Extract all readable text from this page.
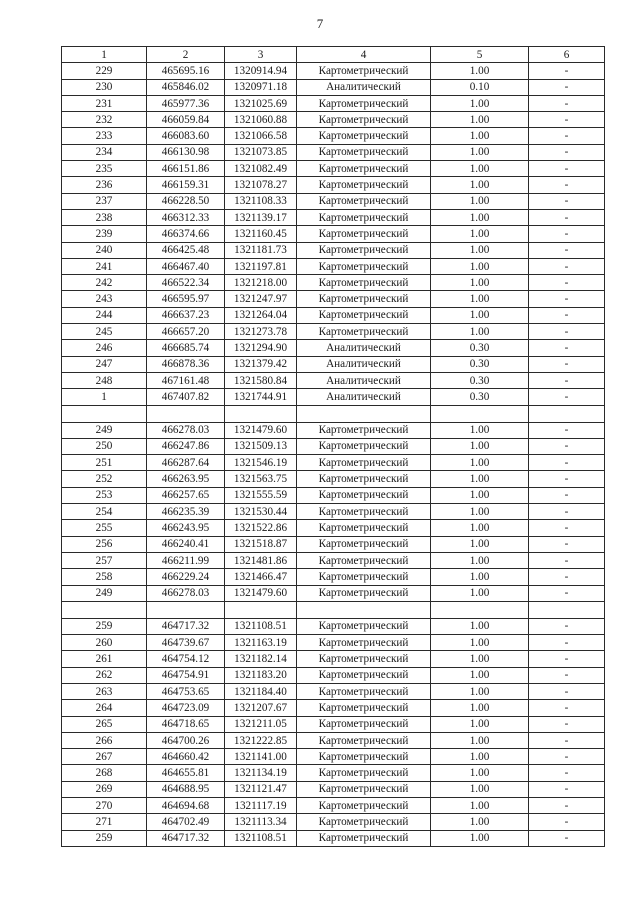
7
1	2	3	4	5	6
229	465695.16	1320914.94	Картометрический	1.00	-
230	465846.02	1320971.18	Аналитический	0.10	-
231	465977.36	1321025.69	Картометрический	1.00	-
232	466059.84	1321060.88	Картометрический	1.00	-
233	466083.60	1321066.58	Картометрический	1.00	-
234	466130.98	1321073.85	Картометрический	1.00	-
235	466151.86	1321082.49	Картометрический	1.00	-
236	466159.31	1321078.27	Картометрический	1.00	-
237	466228.50	1321108.33	Картометрический	1.00	-
238	466312.33	1321139.17	Картометрический	1.00	-
239	466374.66	1321160.45	Картометрический	1.00	-
240	466425.48	1321181.73	Картометрический	1.00	-
241	466467.40	1321197.81	Картометрический	1.00	-
242	466522.34	1321218.00	Картометрический	1.00	-
243	466595.97	1321247.97	Картометрический	1.00	-
244	466637.23	1321264.04	Картометрический	1.00	-
245	466657.20	1321273.78	Картометрический	1.00	-
246	466685.74	1321294.90	Аналитический	0.30	-
247	466878.36	1321379.42	Аналитический	0.30	-
248	467161.48	1321580.84	Аналитический	0.30	-
1	467407.82	1321744.91	Аналитический	0.30	-

249	466278.03	1321479.60	Картометрический	1.00	-
250	466247.86	1321509.13	Картометрический	1.00	-
251	466287.64	1321546.19	Картометрический	1.00	-
252	466263.95	1321563.75	Картометрический	1.00	-
253	466257.65	1321555.59	Картометрический	1.00	-
254	466235.39	1321530.44	Картометрический	1.00	-
255	466243.95	1321522.86	Картометрический	1.00	-
256	466240.41	1321518.87	Картометрический	1.00	-
257	466211.99	1321481.86	Картометрический	1.00	-
258	466229.24	1321466.47	Картометрический	1.00	-
249	466278.03	1321479.60	Картометрический	1.00	-

259	464717.32	1321108.51	Картометрический	1.00	-
260	464739.67	1321163.19	Картометрический	1.00	-
261	464754.12	1321182.14	Картометрический	1.00	-
262	464754.91	1321183.20	Картометрический	1.00	-
263	464753.65	1321184.40	Картометрический	1.00	-
264	464723.09	1321207.67	Картометрический	1.00	-
265	464718.65	1321211.05	Картометрический	1.00	-
266	464700.26	1321222.85	Картометрический	1.00	-
267	464660.42	1321141.00	Картометрический	1.00	-
268	464655.81	1321134.19	Картометрический	1.00	-
269	464688.95	1321121.47	Картометрический	1.00	-
270	464694.68	1321117.19	Картометрический	1.00	-
271	464702.49	1321113.34	Картометрический	1.00	-
259	464717.32	1321108.51	Картометрический	1.00	-
